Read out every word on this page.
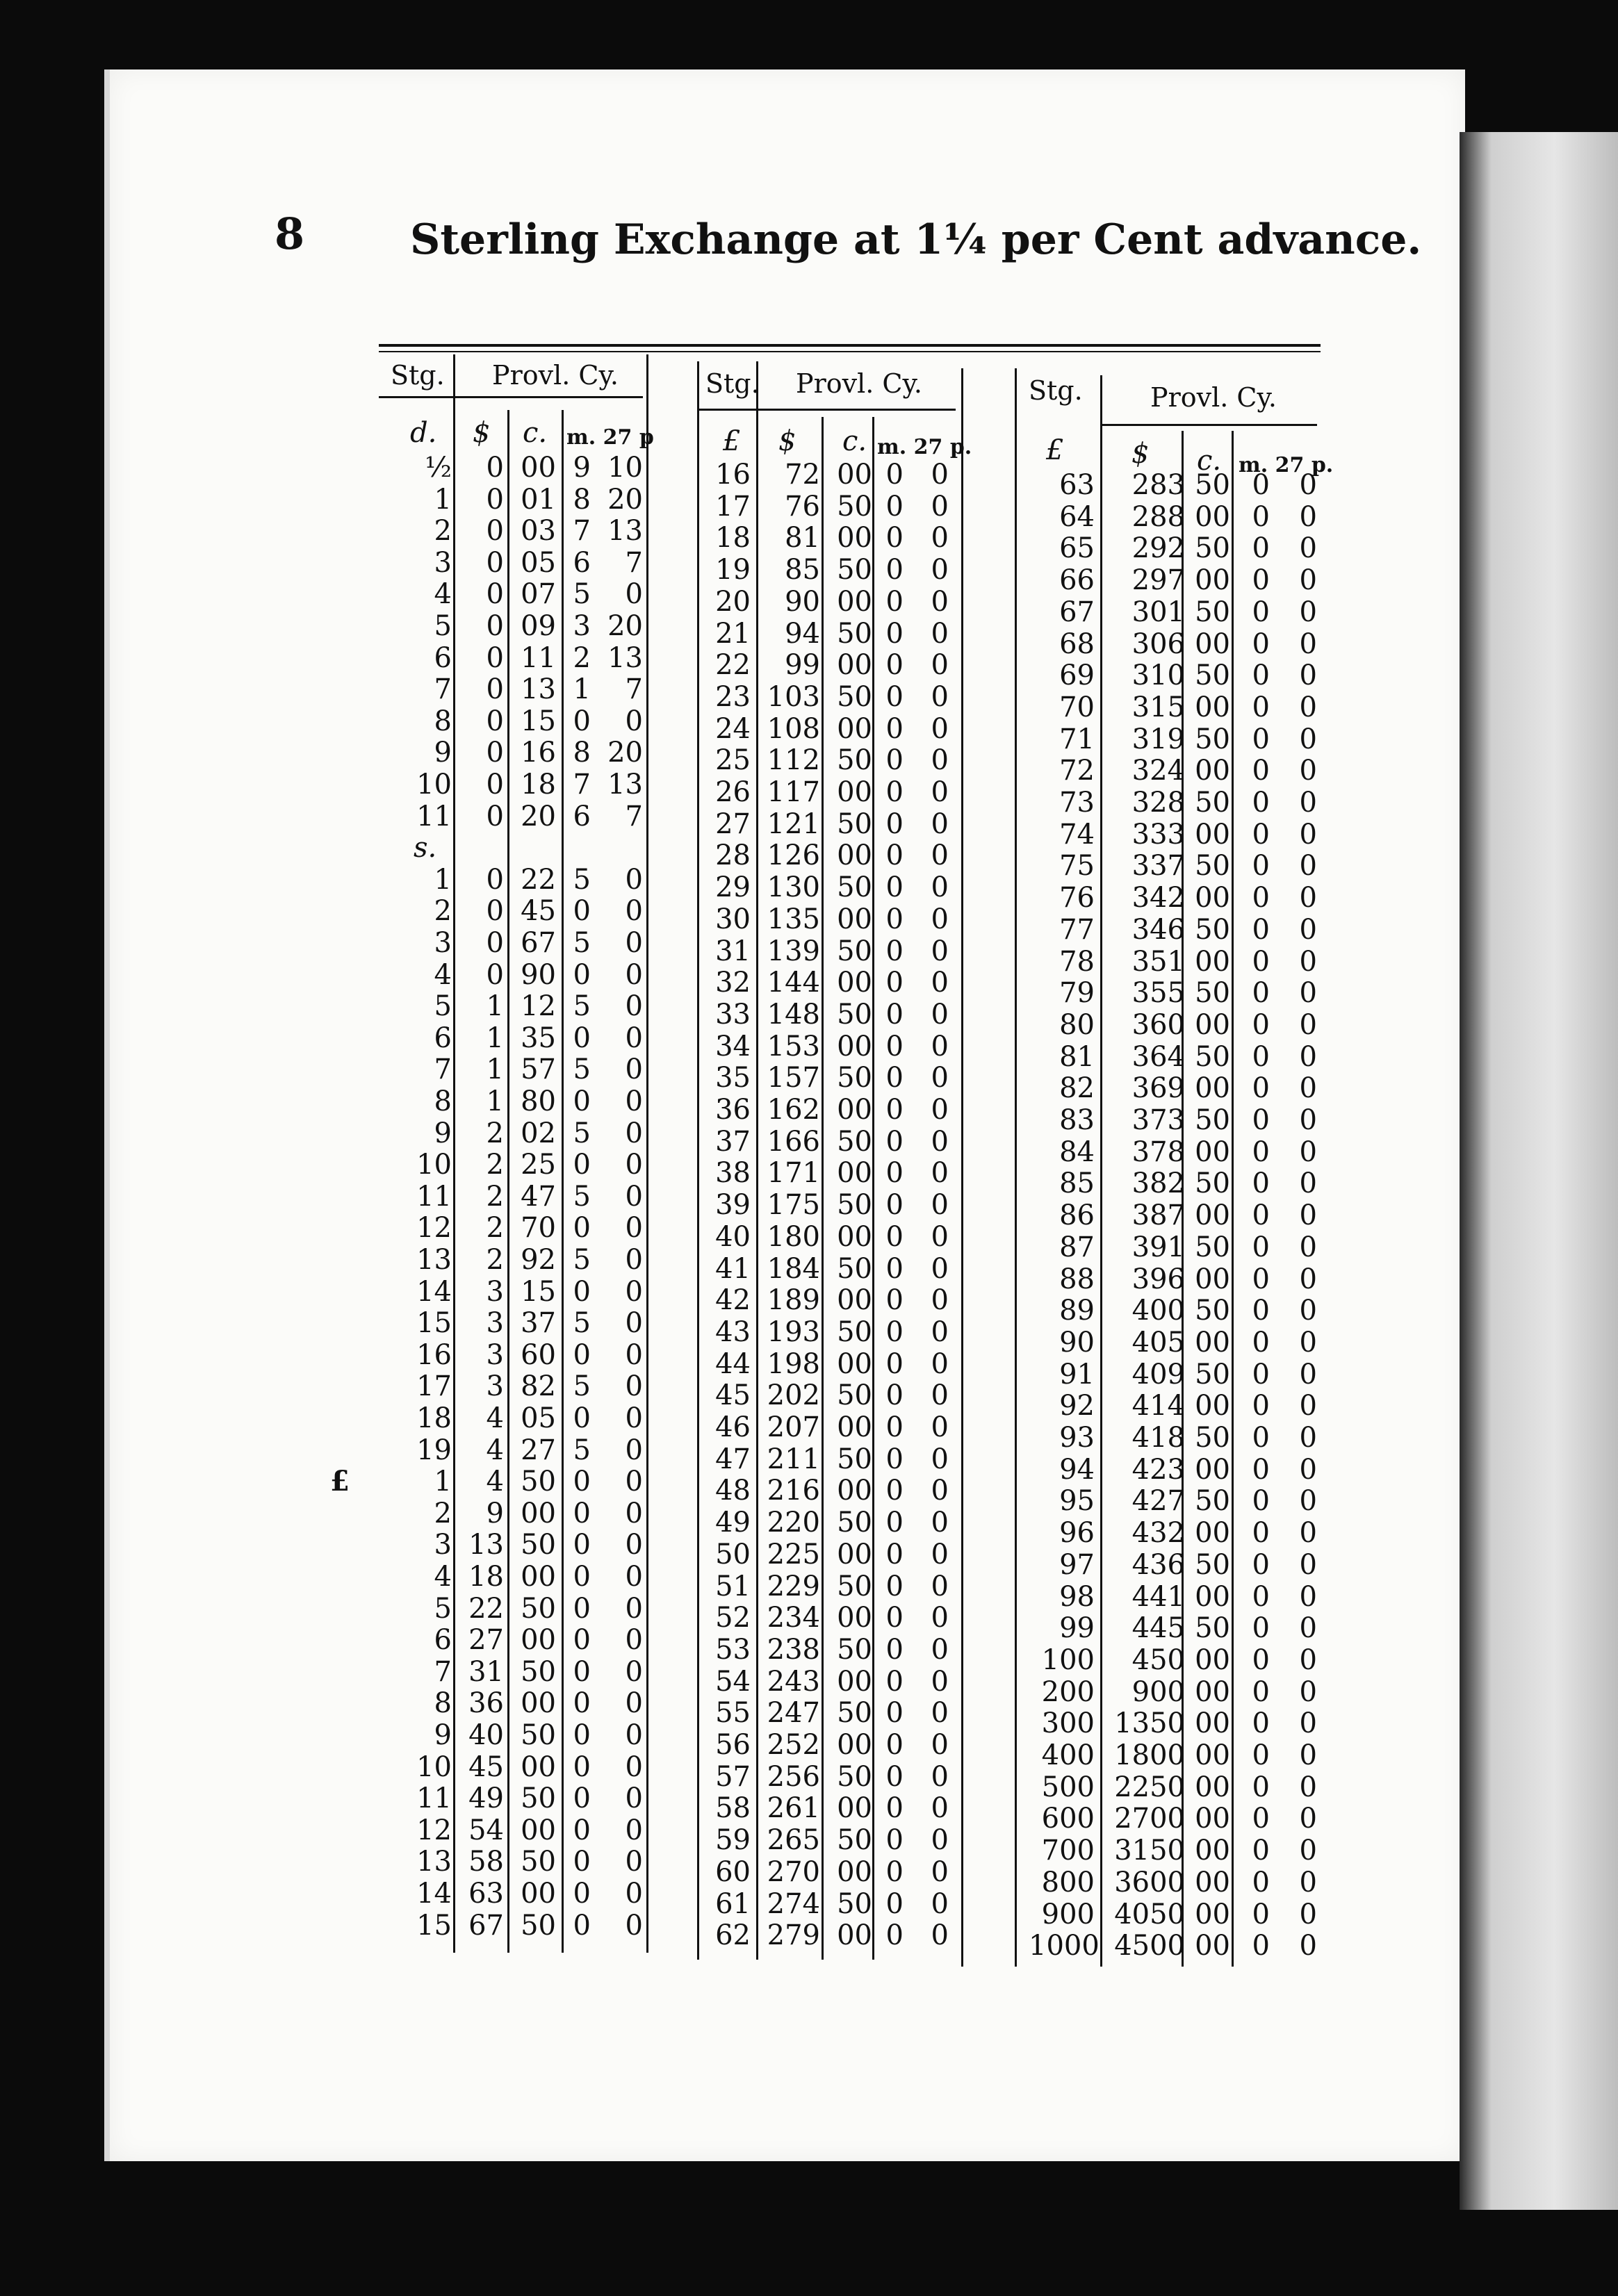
8	Sterling Exchange at 1¼ per Cent advance.
Stg. Provl. Cy.	Stg. Provl. Cy.	Stg.	Provl. Cy.
d. $ c. m. 27 p £ $ c. m. 27 p.	£ $ c. m. 27 p.
½	0 00 9 10
1	0 01 8 20
2	0 03 7 13
3	0 05 6	7
4	0 07 5	0
5	0 09 3 20
6	0 11 2 13
7	0 13 1	7
8	0 15 0	0
9	0 16 8 20
10	0 18 7 13
11	0 20 6	7
s.
1	0 22 5	0
2	0 45 0	0
3	0 67 5	0
4	0 90 0	0
5	1 12 5	0
6	1 35 0	0
7	1 57 5	0
8	1 80 0	0
9	2 02 5	0
10	2 25 0	0
11	2 47 5	0
12	2 70 0	0
13	2 92 5	0
14	3 15 0	0
15	3 37 5	0
16	3 60 0	0
17	3 82 5	0
18	4 05 0	0
19	4 27 5	0
£	1	4 50 0	0
2	9 00 0	0
3 13 50 0	0
4 18 00 0	0
5 22 50 0	0
6 27 00 0	0
7 31 50 0	0
8 36 00 0	0
9 40 50 0	0
10 45 00 0	0
11 49 50 0	0
12 54 00 0	0
13 58 50 0	0
14 63 00 0	0
15 67 50 0	0
16	72 00 0 0
17	76 50 0 0
18	81 00 0 0
19	85 50 0 0
20	90 00 0 0
21	94 50 0 0
22	99 00 0 0
23 103 50 0 0
24 108 00 0 0
25 112 50 0 0
26 117 00 0 0
27 121 50 0 0
28 126 00 0 0
29 130 50 0 0
30 135 00 0 0
31 139 50 0 0
32 144 00 0 0
33 148 50 0 0
34 153 00 0 0
35 157 50 0 0
36 162 00 0 0
37 166 50 0 0
38 171 00 0 0
39 175 50 0 0
40 180 00 0 0
41 184 50 0 0
42 189 00 0 0
43 193 50 0 0
44 198 00 0 0
45 202 50 0 0
46 207 00 0 0
47 211 50 0 0
48 216 00 0 0
49 220 50 0 0
50 225 00 0 0
51 229 50 0 0
52 234 00 0 0
53 238 50 0 0
54 243 00 0 0
55 247 50 0 0
56 252 00 0 0
57 256 50 0 0
58 261 00 0 0
59 265 50 0 0
60 270 00 0 0
61 274 50 0 0
62 279 00 0 0
63	283 50 0	0
64	288 00 0	0
65	292 50 0	0
66	297 00 0	0
67	301 50 0	0
68	306 00 0	0
69	310 50 0	0
70	315 00 0	0
71	319 50 0	0
72	324 00 0	0
73	328 50 0	0
74	333 00 0	0
75	337 50 0	0
76	342 00 0	0
77	346 50 0	0
78	351 00 0	0
79	355 50 0	0
80	360 00 0	0
81	364 50 0	0
82	369 00 0	0
83	373 50 0	0
84	378 00 0	0
85	382 50 0	0
86	387 00 0	0
87	391 50 0	0
88	396 00 0	0
89	400 50 0	0
90	405 00 0	0
91	409 50 0	0
92	414 00 0	0
93	418 50 0	0
94	423 00 0	0
95	427 50 0	0
96	432 00 0	0
97	436 50 0	0
98	441 00 0	0
99	445 50 0	0
100	450 00 0	0
200	900 00 0	0
300 1350 00 0	0
400 1800 00 0	0
500 2250 00 0	0
600 2700 00 0	0
700 3150 00 0	0
800 3600 00 0	0
900 4050 00 0	0
1000 4500 00 0	0
